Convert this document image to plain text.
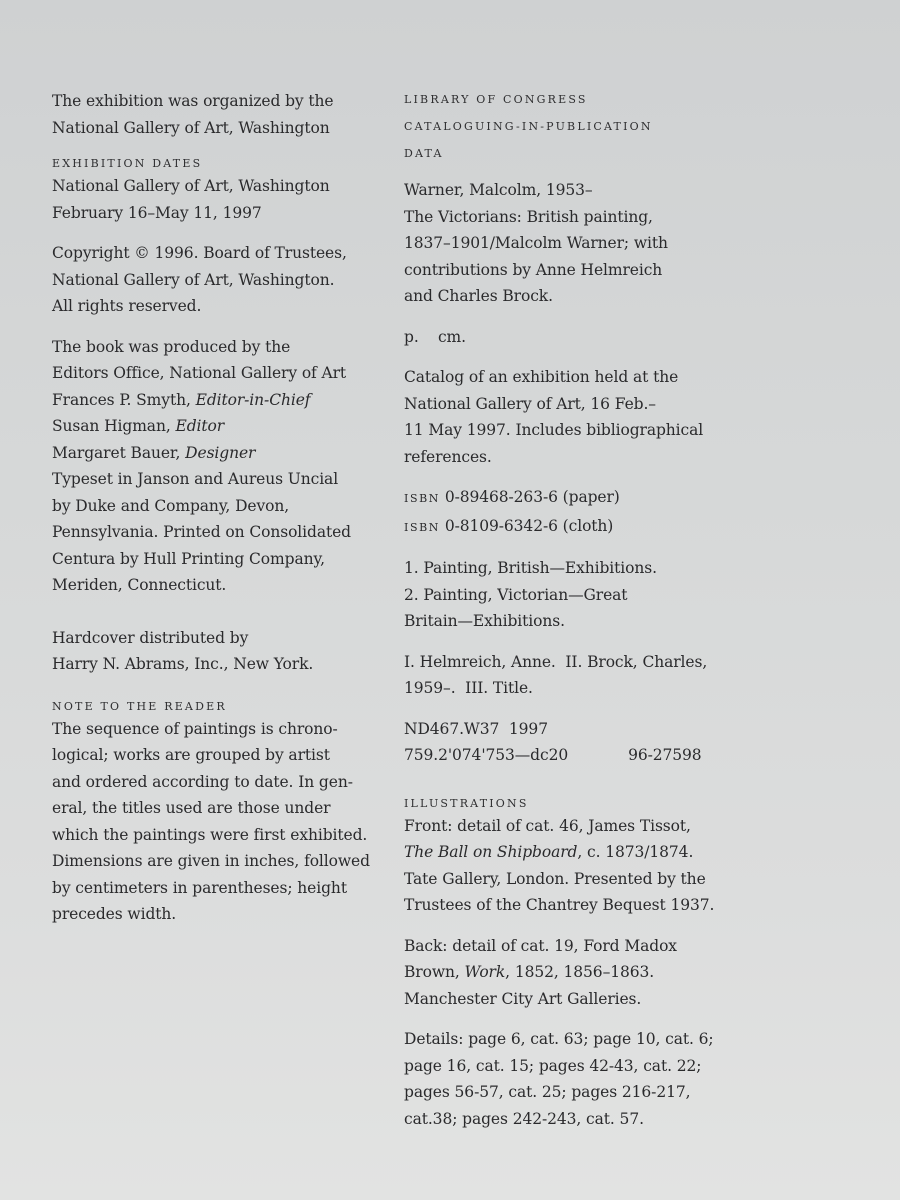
The exhibition was organized by the
National Gallery of Art, Washington
EXHIBITION DATES
National Gallery of Art, Washington
February 16–May 11, 1997
Copyright © 1996. Board of Trustees,
National Gallery of Art, Washington.
All rights reserved.
The book was produced by the
Editors Office, National Gallery of Art
Frances P. Smyth, Editor-in-Chief
Susan Higman, Editor
Margaret Bauer, Designer
Typeset in Janson and Aureus Uncial
by Duke and Company, Devon,
Pennsylvania. Printed on Consolidated
Centura by Hull Printing Company,
Meriden, Connecticut.
Hardcover distributed by
Harry N. Abrams, Inc., New York.
NOTE TO THE READER
The sequence of paintings is chrono-
logical; works are grouped by artist
and ordered according to date. In gen-
eral, the titles used are those under
which the paintings were first exhibited.
Dimensions are given in inches, followed
by centimeters in parentheses; height
precedes width.
LIBRARY OF CONGRESS
CATALOGUING-IN-PUBLICATION
DATA
Warner, Malcolm, 1953–
The Victorians: British painting,
1837–1901/Malcolm Warner; with
contributions by Anne Helmreich
and Charles Brock.
p.    cm.
Catalog of an exhibition held at the
National Gallery of Art, 16 Feb.–
11 May 1997. Includes bibliographical
references.
ISBN 0-89468-263-6 (paper)
ISBN 0-8109-6342-6 (cloth)
1. Painting, British—Exhibitions.
2. Painting, Victorian—Great
Britain—Exhibitions.
I. Helmreich, Anne.  II. Brock, Charles,
1959–.  III. Title.
ND467.W37  1997
759.2'074'753—dc20	96-27598
ILLUSTRATIONS
Front: detail of cat. 46, James Tissot,
The Ball on Shipboard, c. 1873/1874.
Tate Gallery, London. Presented by the
Trustees of the Chantrey Bequest 1937.
Back: detail of cat. 19, Ford Madox
Brown, Work, 1852, 1856–1863.
Manchester City Art Galleries.
Details: page 6, cat. 63; page 10, cat. 6;
page 16, cat. 15; pages 42-43, cat. 22;
pages 56-57, cat. 25; pages 216-217,
cat.38; pages 242-243, cat. 57.
